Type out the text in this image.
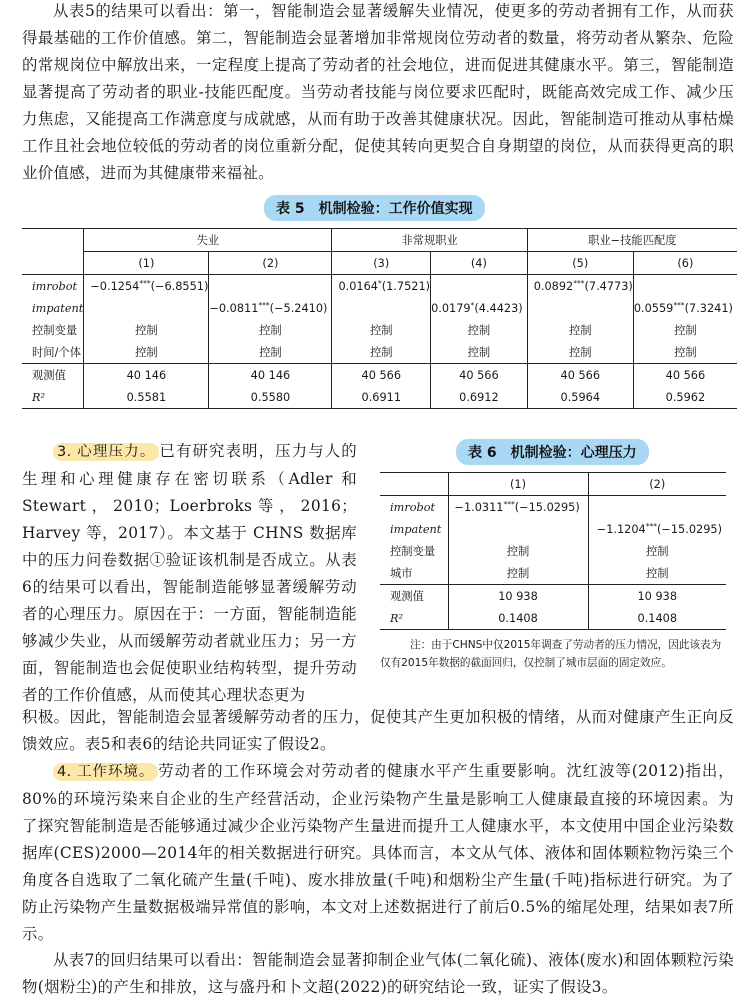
从表5的结果可以看出：第一，智能制造会显著缓解失业情况，使更多的劳动者拥有工作，从而获得最基础的工作价值感。第二，智能制造会显著增加非常规岗位劳动者的数量，将劳动者从繁杂、危险的常规岗位中解放出来，一定程度上提高了劳动者的社会地位，进而促进其健康水平。第三，智能制造显著提高了劳动者的职业-技能匹配度。当劳动者技能与岗位要求匹配时，既能高效完成工作、减少压力焦虑，又能提高工作满意度与成就感，从而有助于改善其健康状况。因此，智能制造可推动从事枯燥工作且社会地位较低的劳动者的岗位重新分配，促使其转向更契合自身期望的岗位，从而获得更高的职业价值感，进而为其健康带来福祉。

表 5　机制检验：工作价值实现
	失业		非常规职业		职业−技能匹配度	
	(1)	(2)	(3)	(4)	(5)	(6)
imrobot	−0.1254***(−6.8551)		0.0164*(1.7521)		0.0892***(7.4773)	
impatent		−0.0811***(−5.2410)		0.0179*(4.4423)		0.0559***(7.3241)
控制变量	控制	控制	控制	控制	控制	控制
时间/个体	控制	控制	控制	控制	控制	控制
观测值	40 146	40 146	40 566	40 566	40 566	40 566
R²	0.5581	0.5580	0.6911	0.6912	0.5964	0.5962

3. 心理压力。 已有研究表明，压力与人的生理和心理健康存在密切联系（Adler 和 Stewart，2010；Loerbroks等，2016；Harvey 等，2017）。本文基于 CHNS 数据库中的压力问卷数据①验证该机制是否成立。从表6的结果可以看出，智能制造能够显著缓解劳动者的心理压力。原因在于：一方面，智能制造能够减少失业，从而缓解劳动者就业压力；另一方面，智能制造也会促使职业结构转型，提升劳动者的工作价值感，从而使其心理状态更为

表 6　机制检验：心理压力
	(1)	(2)
imrobot	−1.0311***(−15.0295)	
impatent		−1.1204***(−15.0295)
控制变量	控制	控制
城市	控制	控制
观测值	10 938	10 938
R²	0.1408	0.1408

注：由于CHNS中仅2015年调查了劳动者的压力情况，因此该表为仅有2015年数据的截面回归，仅控制了城市层面的固定效应。

积极。因此，智能制造会显著缓解劳动者的压力，促使其产生更加积极的情绪，从而对健康产生正向反馈效应。表5和表6的结论共同证实了假设2。

4. 工作环境。 劳动者的工作环境会对劳动者的健康水平产生重要影响。沈红波等(2012)指出，80%的环境污染来自企业的生产经营活动，企业污染物产生量是影响工人健康最直接的环境因素。为了探究智能制造是否能够通过减少企业污染物产生量进而提升工人健康水平，本文使用中国企业污染数据库(CES)2000—2014年的相关数据进行研究。具体而言，本文从气体、液体和固体颗粒物污染三个角度各自选取了二氧化硫产生量(千吨)、废水排放量(千吨)和烟粉尘产生量(千吨)指标进行研究。为了防止污染物产生量数据极端异常值的影响，本文对上述数据进行了前后0.5%的缩尾处理，结果如表7所示。

从表7的回归结果可以看出：智能制造会显著抑制企业气体(二氧化硫)、液体(废水)和固体颗粒污染物(烟粉尘)的产生和排放，这与盛丹和卜文超(2022)的研究结论一致，证实了假设3。
